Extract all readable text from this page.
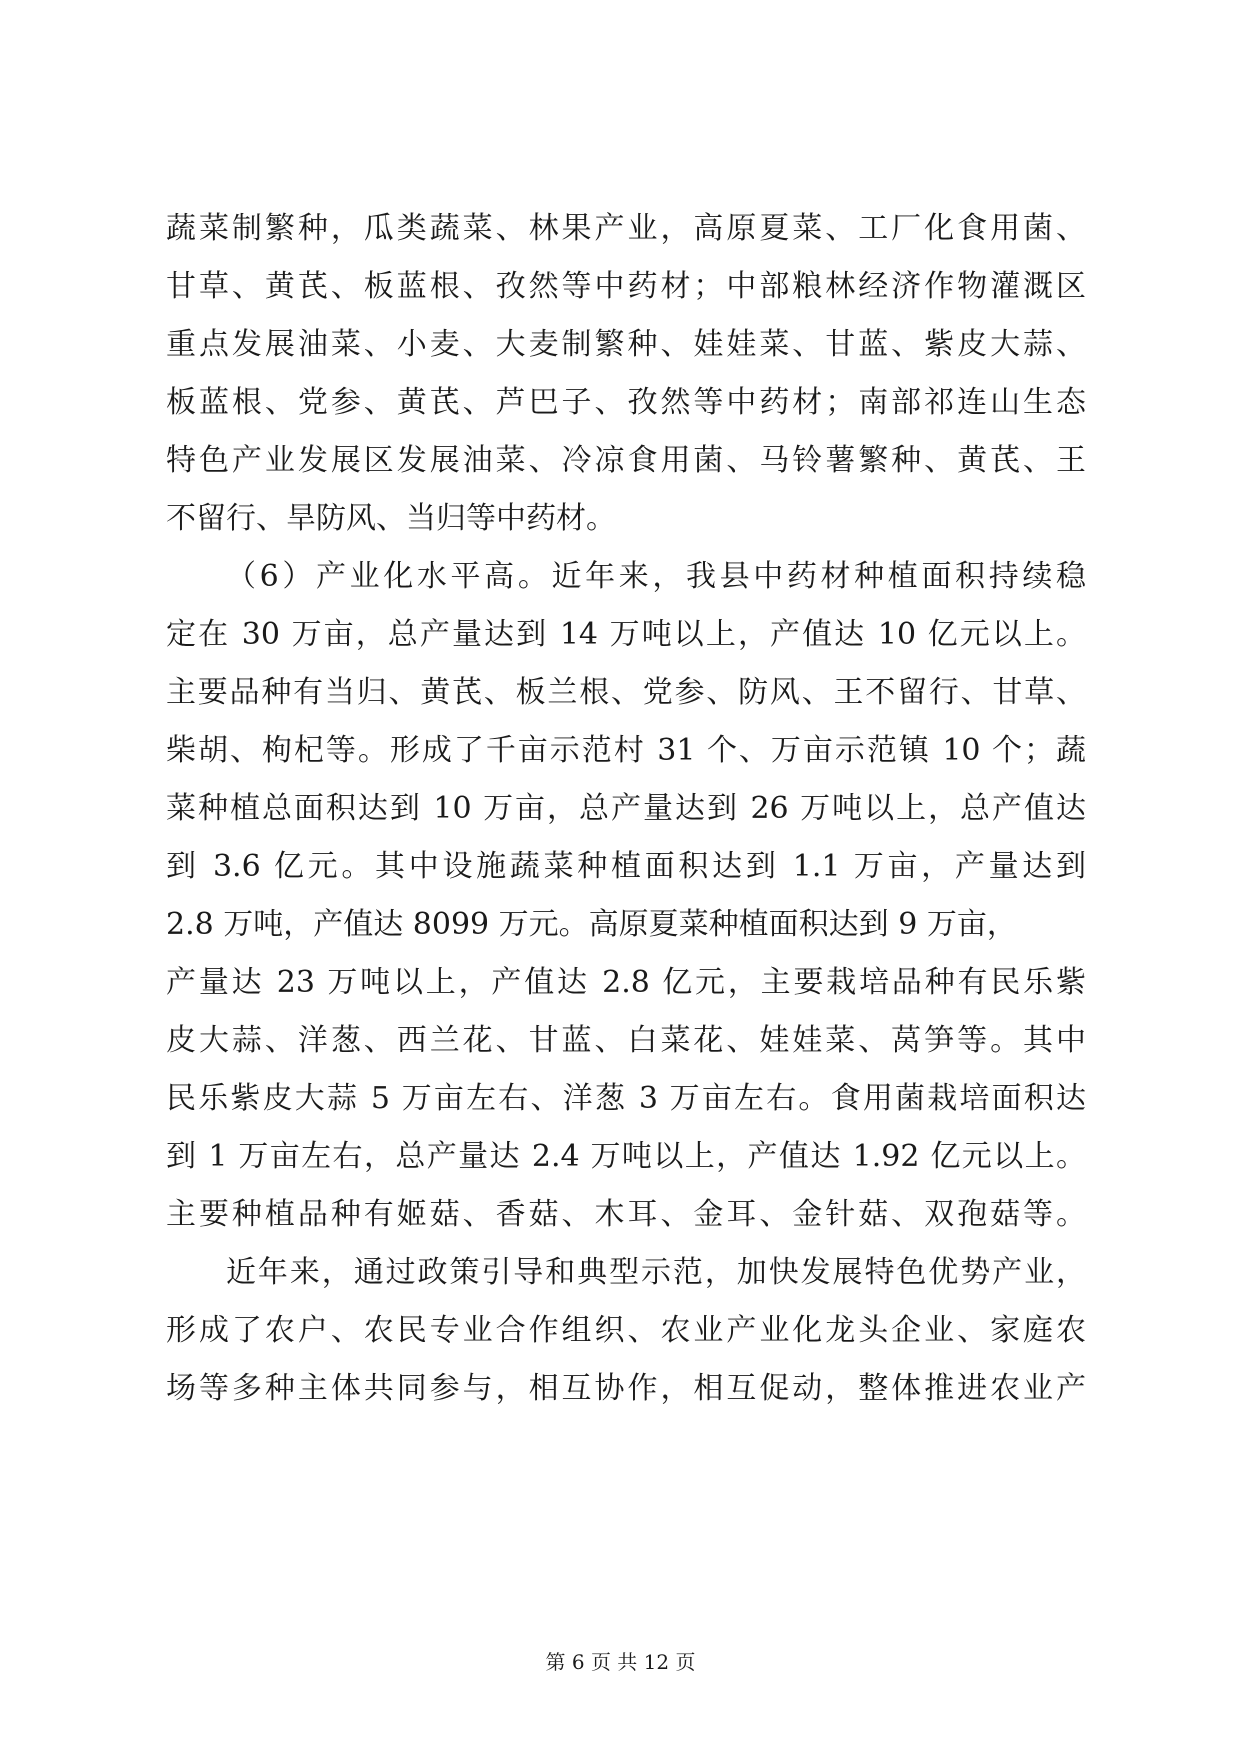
蔬菜制繁种，瓜类蔬菜、林果产业，高原夏菜、工厂化食用菌、
甘草、黄芪、板蓝根、孜然等中药材；中部粮林经济作物灌溉区
重点发展油菜、小麦、大麦制繁种、娃娃菜、甘蓝、紫皮大蒜、
板蓝根、党参、黄芪、芦巴子、孜然等中药材；南部祁连山生态
特色产业发展区发展油菜、冷凉食用菌、马铃薯繁种、黄芪、王
不留行、旱防风、当归等中药材。
（6）产业化水平高。近年来，我县中药材种植面积持续稳
定在 30 万亩，总产量达到 14 万吨以上，产值达 10 亿元以上。
主要品种有当归、黄芪、板兰根、党参、防风、王不留行、甘草、
柴胡、枸杞等。形成了千亩示范村 31 个、万亩示范镇 10 个；蔬
菜种植总面积达到 10 万亩，总产量达到 26 万吨以上，总产值达
到 3.6 亿元。其中设施蔬菜种植面积达到 1.1 万亩，产量达到
2.8 万吨，产值达 8099 万元。高原夏菜种植面积达到 9 万亩，
产量达 23 万吨以上，产值达 2.8 亿元，主要栽培品种有民乐紫
皮大蒜、洋葱、西兰花、甘蓝、白菜花、娃娃菜、莴笋等。其中
民乐紫皮大蒜 5 万亩左右、洋葱 3 万亩左右。食用菌栽培面积达
到 1 万亩左右，总产量达 2.4 万吨以上，产值达 1.92 亿元以上。
主要种植品种有姬菇、香菇、木耳、金耳、金针菇、双孢菇等。
近年来，通过政策引导和典型示范，加快发展特色优势产业，
形成了农户、农民专业合作组织、农业产业化龙头企业、家庭农
场等多种主体共同参与，相互协作，相互促动，整体推进农业产
第 6 页 共 12 页
